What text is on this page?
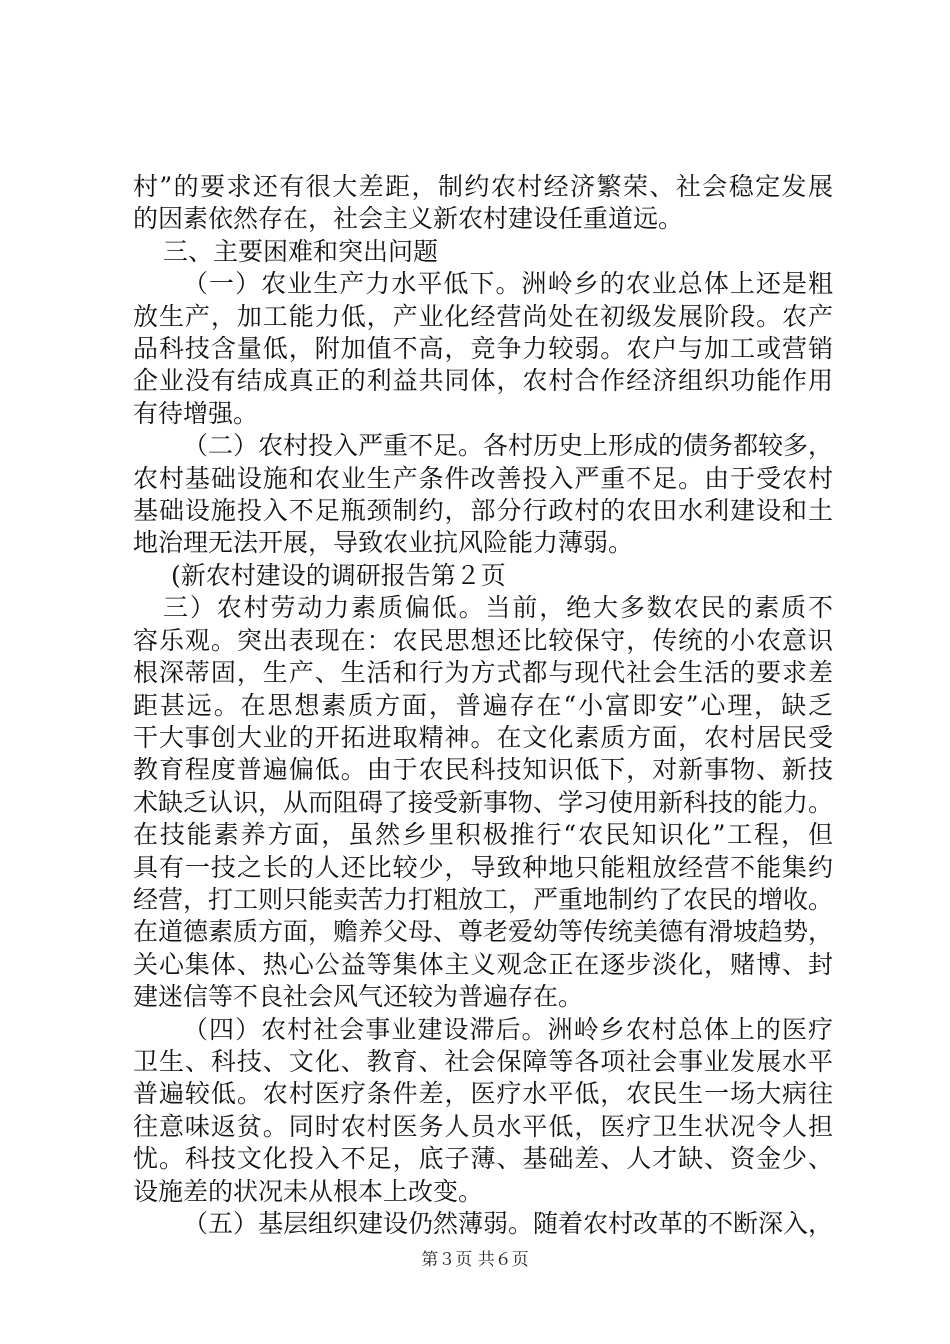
村”的要求还有很大差距，制约农村经济繁荣、社会稳定发展

的因素依然存在，社会主义新农村建设任重道远。

三、主要困难和突出问题

（一）农业生产力水平低下。洲岭乡的农业总体上还是粗

放生产，加工能力低，产业化经营尚处在初级发展阶段。农产

品科技含量低，附加值不高，竞争力较弱。农户与加工或营销

企业没有结成真正的利益共同体，农村合作经济组织功能作用

有待增强。

（二）农村投入严重不足。各村历史上形成的债务都较多，

农村基础设施和农业生产条件改善投入严重不足。由于受农村

基础设施投入不足瓶颈制约，部分行政村的农田水利建设和土

地治理无法开展，导致农业抗风险能力薄弱。

(新农村建设的调研报告第２页

三）农村劳动力素质偏低。当前，绝大多数农民的素质不

容乐观。突出表现在：农民思想还比较保守，传统的小农意识

根深蒂固，生产、生活和行为方式都与现代社会生活的要求差

距甚远。在思想素质方面，普遍存在“小富即安”心理，缺乏

干大事创大业的开拓进取精神。在文化素质方面，农村居民受

教育程度普遍偏低。由于农民科技知识低下，对新事物、新技

术缺乏认识，从而阻碍了接受新事物、学习使用新科技的能力。

在技能素养方面，虽然乡里积极推行“农民知识化”工程，但

具有一技之长的人还比较少，导致种地只能粗放经营不能集约

经营，打工则只能卖苦力打粗放工，严重地制约了农民的增收。

在道德素质方面，赡养父母、尊老爱幼等传统美德有滑坡趋势，

关心集体、热心公益等集体主义观念正在逐步淡化，赌博、封

建迷信等不良社会风气还较为普遍存在。

（四）农村社会事业建设滞后。洲岭乡农村总体上的医疗

卫生、科技、文化、教育、社会保障等各项社会事业发展水平

普遍较低。农村医疗条件差，医疗水平低，农民生一场大病往

往意味返贫。同时农村医务人员水平低，医疗卫生状况令人担

忧。科技文化投入不足，底子薄、基础差、人才缺、资金少、

设施差的状况未从根本上改变。

（五）基层组织建设仍然薄弱。随着农村改革的不断深入，

第３页 共６页
